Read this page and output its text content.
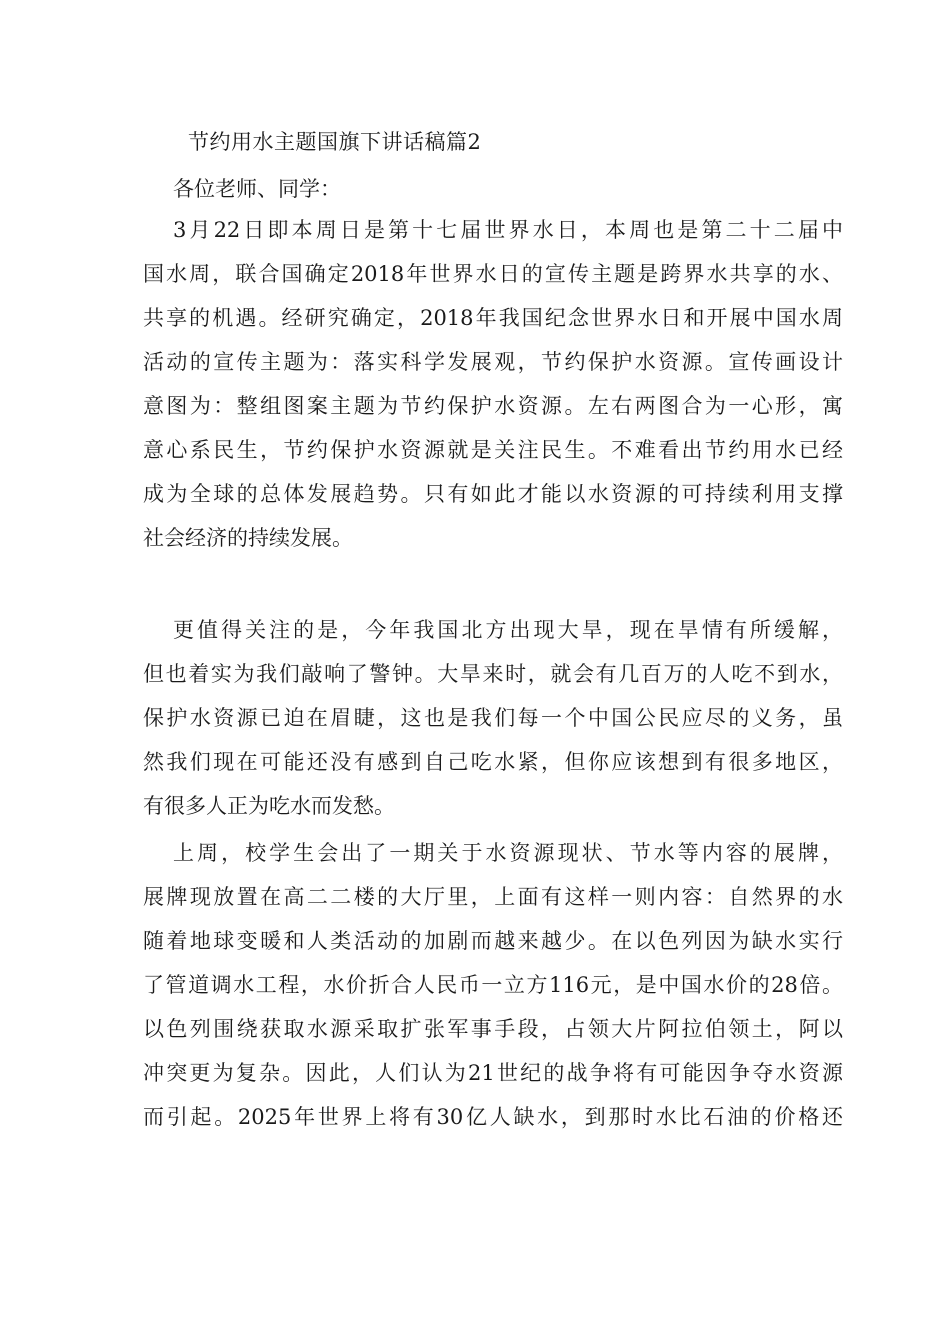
节约用水主题国旗下讲话稿篇2
各位老师、同学：
3月22日即本周日是第十七届世界水日，本周也是第二十二届中
国水周，联合国确定2018年世界水日的宣传主题是跨界水共享的水、
共享的机遇。经研究确定，2018年我国纪念世界水日和开展中国水周
活动的宣传主题为：落实科学发展观，节约保护水资源。宣传画设计
意图为：整组图案主题为节约保护水资源。左右两图合为一心形，寓
意心系民生，节约保护水资源就是关注民生。不难看出节约用水已经
成为全球的总体发展趋势。只有如此才能以水资源的可持续利用支撑
社会经济的持续发展。
更值得关注的是，今年我国北方出现大旱，现在旱情有所缓解，
但也着实为我们敲响了警钟。大旱来时，就会有几百万的人吃不到水，
保护水资源已迫在眉睫，这也是我们每一个中国公民应尽的义务，虽
然我们现在可能还没有感到自己吃水紧，但你应该想到有很多地区，
有很多人正为吃水而发愁。
上周，校学生会出了一期关于水资源现状、节水等内容的展牌，
展牌现放置在高二二楼的大厅里，上面有这样一则内容：自然界的水
随着地球变暖和人类活动的加剧而越来越少。在以色列因为缺水实行
了管道调水工程，水价折合人民币一立方116元，是中国水价的28倍。
以色列围绕获取水源采取扩张军事手段，占领大片阿拉伯领土，阿以
冲突更为复杂。因此，人们认为21世纪的战争将有可能因争夺水资源
而引起。2025年世界上将有30亿人缺水，到那时水比石油的价格还
